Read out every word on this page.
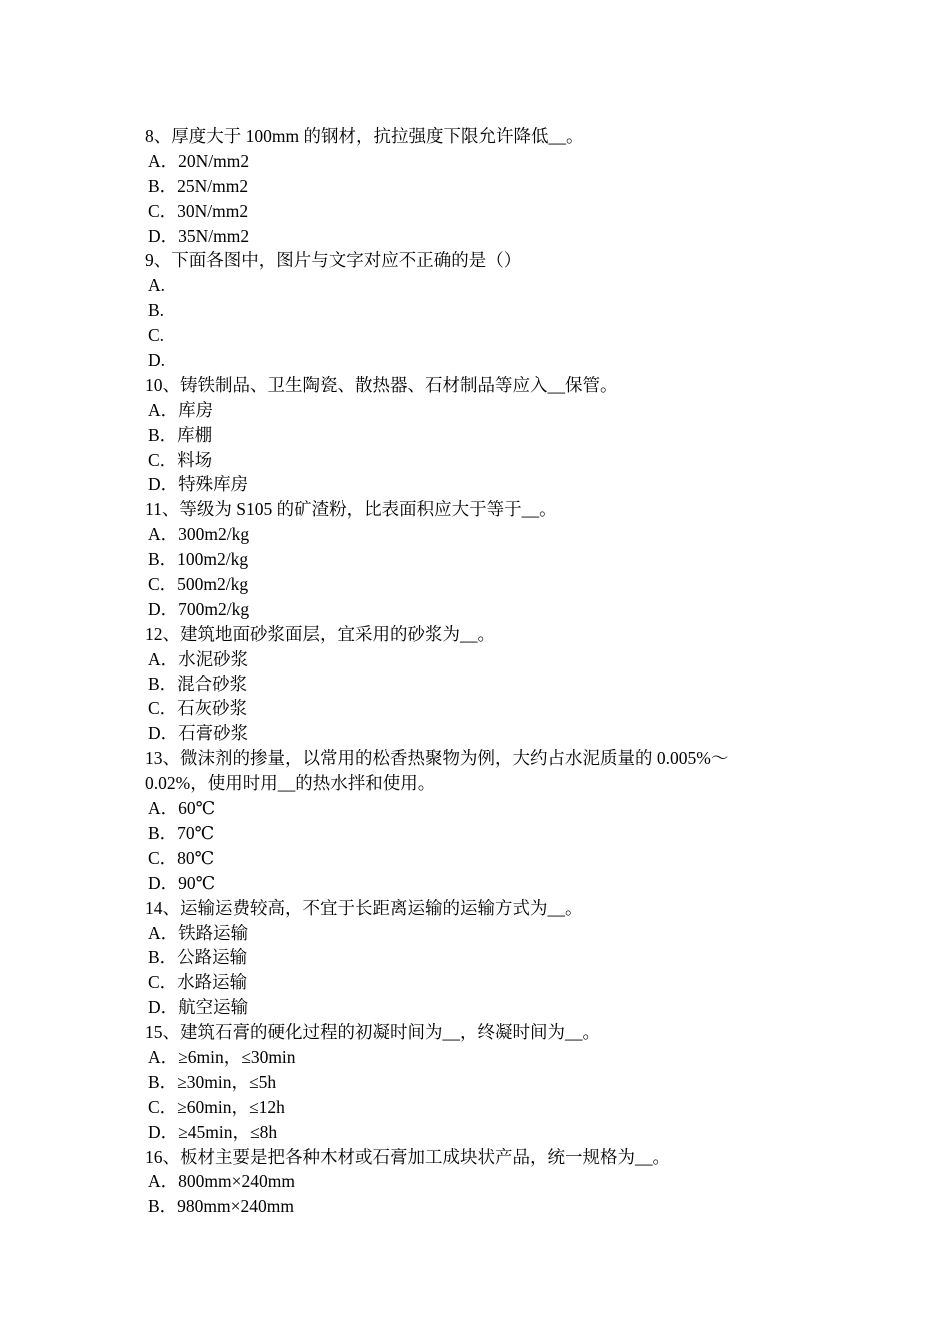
8、厚度大于 100mm 的钢材，抗拉强度下限允许降低__。
A．20N/mm2
B．25N/mm2
C．30N/mm2
D．35N/mm2
9、下面各图中，图片与文字对应不正确的是（）
A.
B.
C.
D.
10、铸铁制品、卫生陶瓷、散热器、石材制品等应入__保管。
A．库房
B．库棚
C．料场
D．特殊库房
11、等级为 S105 的矿渣粉，比表面积应大于等于__。
A．300m2/kg
B．100m2/kg
C．500m2/kg
D．700m2/kg
12、建筑地面砂浆面层，宜采用的砂浆为__。
A．水泥砂浆
B．混合砂浆
C．石灰砂浆
D．石膏砂浆
13、微沫剂的掺量，以常用的松香热聚物为例，大约占水泥质量的 0.005%～
0.02%，使用时用__的热水拌和使用。
A．60℃
B．70℃
C．80℃
D．90℃
14、运输运费较高，不宜于长距离运输的运输方式为__。
A．铁路运输
B．公路运输
C．水路运输
D．航空运输
15、建筑石膏的硬化过程的初凝时间为__，终凝时间为__。
A．≥6min，≤30min
B．≥30min，≤5h
C．≥60min，≤12h
D．≥45min，≤8h
16、板材主要是把各种木材或石膏加工成块状产品，统一规格为__。
A．800mm×240mm
B．980mm×240mm
